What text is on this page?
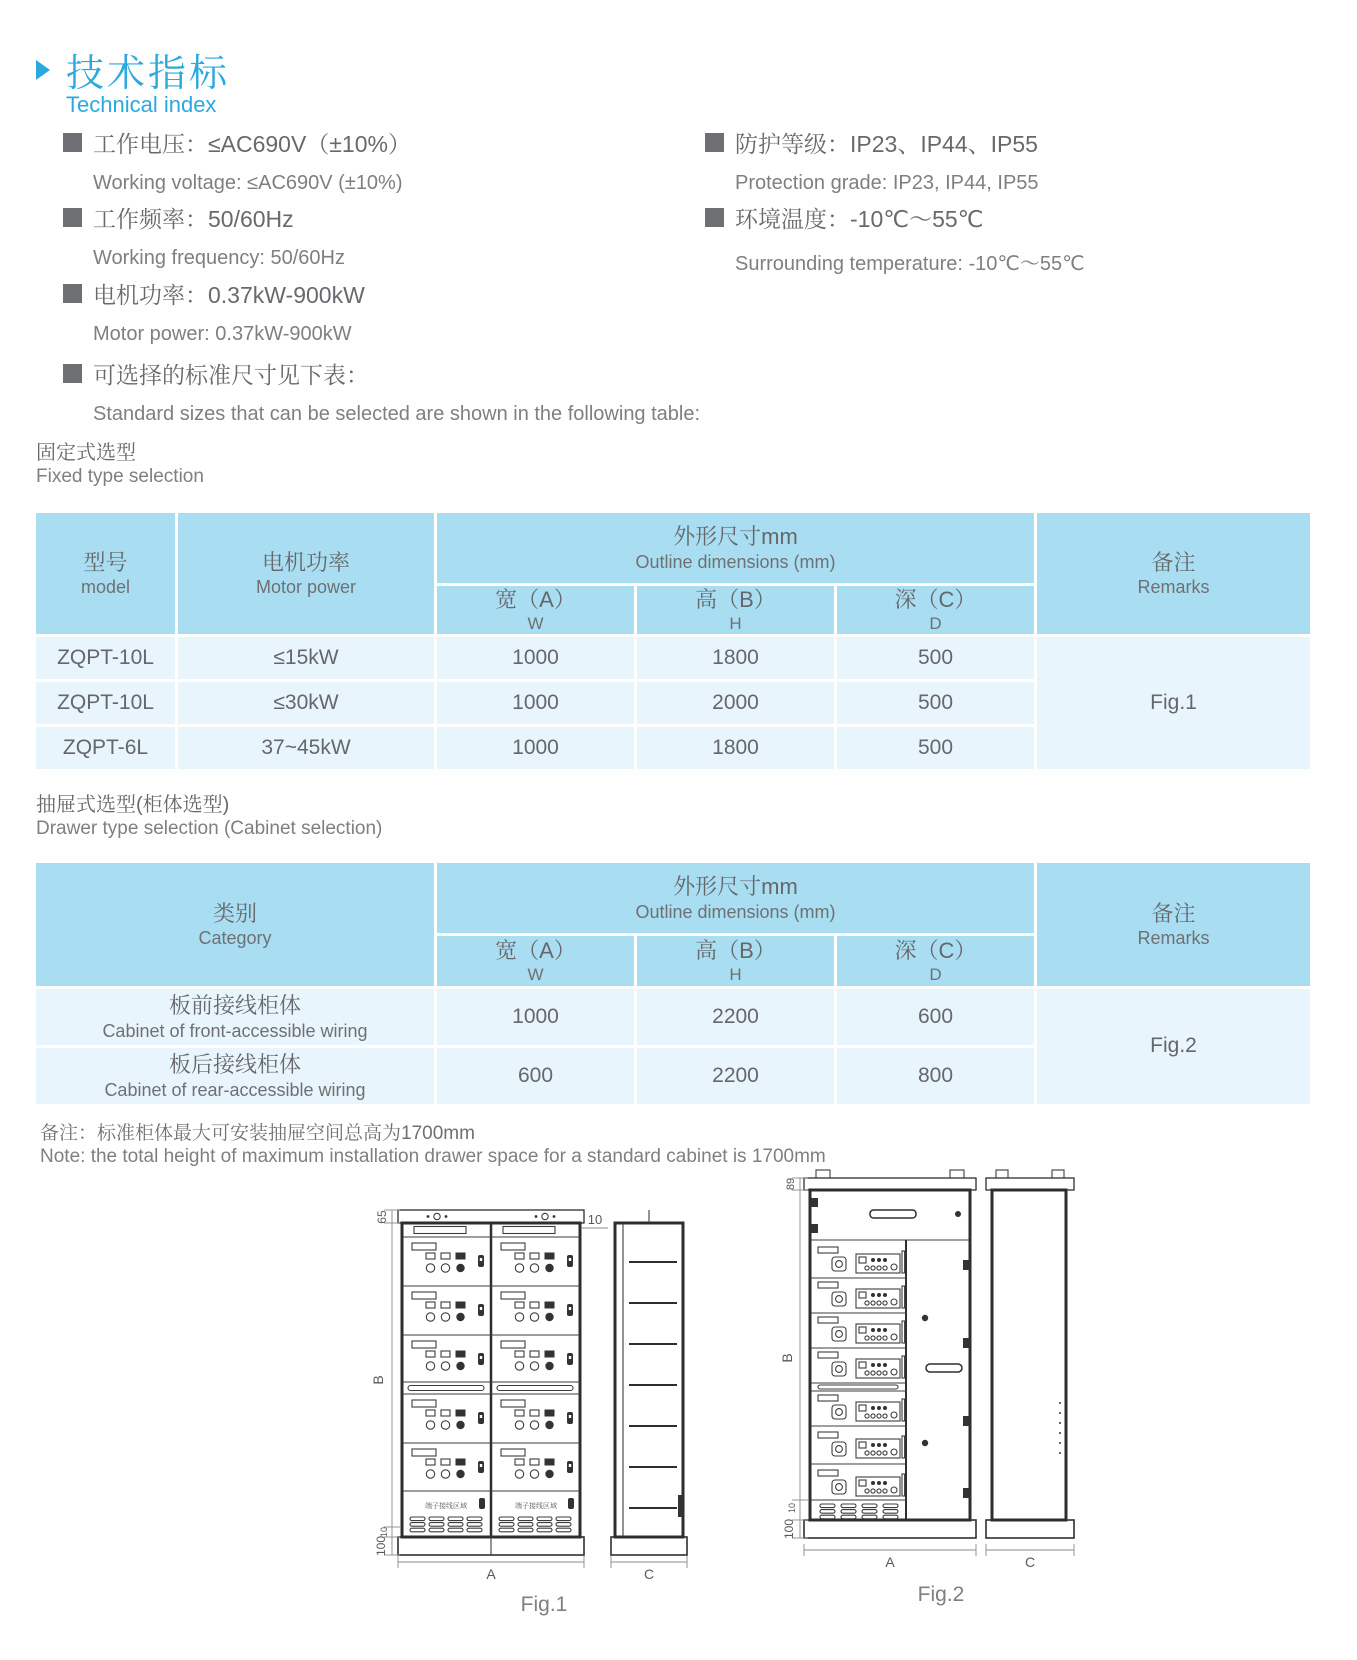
技术指标
Technical index
工作电压：≤AC690V（±10%）
Working voltage: ≤AC690V (±10%)
工作频率：50/60Hz
Working frequency: 50/60Hz
电机功率：0.37kW-900kW
Motor power: 0.37kW-900kW
可选择的标准尺寸见下表：
Standard sizes that can be selected are shown in the following table:
防护等级：IP23、IP44、IP55
Protection grade: IP23, IP44, IP55
环境温度：-10℃～55℃
Surrounding temperature: -10℃～55℃
固定式选型
Fixed type selection
型号
model
电机功率
Motor power
外形尺寸mm
Outline dimensions (mm)	备注
Remarks
宽（A）
W
高（B）
H
深（C）
D
ZQPT-10L	≤15kW	1000	1800	500
Fig.1
ZQPT-10L	≤30kW	1000	2000	500
ZQPT-6L	37~45kW	1000	1800	500
抽屉式选型(柜体选型)
Drawer type selection (Cabinet selection)
类别
Category
外形尺寸mm
Outline dimensions (mm)	备注
Remarks
宽（A）
W
高（B）
H
深（C）
D
板前接线柜体
Cabinet of front-accessible wiring
1000	2200	600
Fig.2
板后接线柜体
Cabinet of rear-accessible wiring
600	2200	800
备注：标准柜体最大可安装抽屉空间总高为1700mm
Note: the total height of maximum installation drawer space for a standard cabinet is 1700mm
端子接线区域	端子接线区域
65
B
10
100
10
A	C
Fig.1
89
B
10
100
A	C
Fig.2
